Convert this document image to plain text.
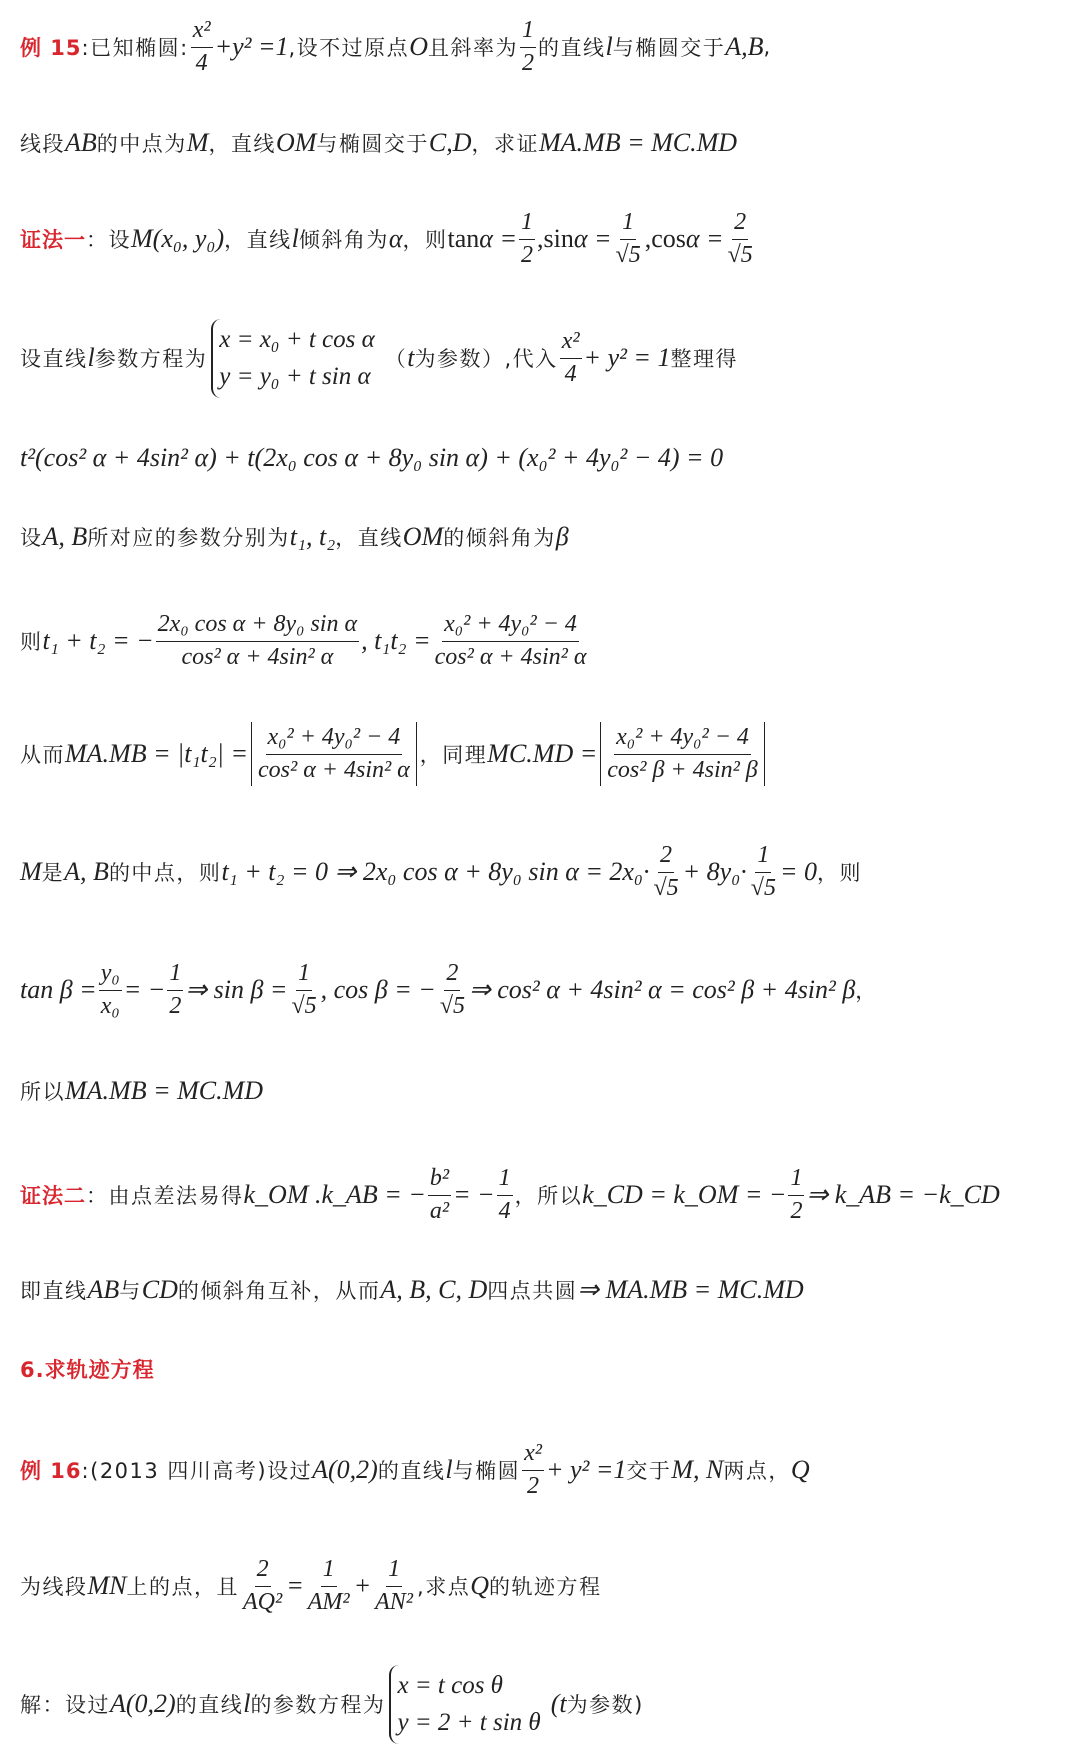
例 15 :已知椭圆: $\frac{\text{x²}}{4} +y^2 =1$ ,设不过原点 O 且斜率为 $\frac{1}{2}$ 的直线 l 与椭圆交于 A,B ,
线段 AB 的中点为 M ，直线 OM 与椭圆交于 C,D ，求证 MA.MB = MC.MD
证法一 ：设 M(x₀, y₀) ，直线 l 倾斜角为 α ，则 $\tan \alpha = \frac{1}{2} ,\sin$ $\alpha = \frac{1}{√5} ,\cos$ $\alpha = \frac{2}{√5}$
设直线 l 参数方程为
x = x₀ + t cos α
y = y₀ + t sin α
（ t 为参数）,代入 $\frac{\text{x²}}{4} + y^2 = 1$ 整理得
t²(cos² α + 4sin² α) + t(2x₀ cos α + 8y₀ sin α) + (x₀² + 4y₀² − 4) = 0
设 A, B 所对应的参数分别为 t₁, t₂ ，直线 OM 的倾斜角为 β
则 t₁ + t₂ = − $\frac{\text{2x₀ cos α + 8y₀ sin α}}{\text{cos² α + 4sin² α}}$ , $t_1t_2 = \frac{\text{x₀² + 4y₀² − 4}}{\text{cos² α + 4sin² α}}$
从而 $MA.MB = |t_1t_2| = \frac{\text{x₀² + 4y₀² − 4}}{\text{cos² α + 4sin² α}}$ ，同理 $MC.MD = \frac{\text{x₀² + 4y₀² − 4}}{\text{cos² β + 4sin² β}}$
M 是 A, B 的中点，则 t₁ + t₂ = 0 ⇒ 2x₀ cos α + 8y₀ $\sin \alpha = 2x_0\cdot \frac{2}{√5} + 8y_0\cdot \frac{1}{√5} = 0$ ，则
$\tan \beta = \frac{\text{y₀}}{\text{x₀}}$ = − $\frac{1}{2}$ ⇒ $\sin \beta = \frac{1}{√5}$ , cos β = − $\frac{2}{√5}$ ⇒ cos² α + 4sin² α = cos² β + 4sin² β ，
所以 MA.MB = MC.MD
证法二 ：由点差法易得 k_OM .k_AB = − $\frac{\text{b²}}{\text{a²}}$ = − $\frac{1}{4}$ ，所以 k_CD = k_OM = − $\frac{1}{2}$ ⇒ k_AB = −k_CD
即直线 AB 与 CD 的倾斜角互补，从而 A, B, C, D 四点共圆 ⇒ MA.MB = MC.MD
6.求轨迹方程
例 16 :(2013 四川高考)设过 A(0,2) 的直线 l 与椭圆 $\frac{\text{x²}}{2} + y^2 =1$ 交于 M, N 两点， Q
为线段 MN 上的点，且 $\frac{2}{\text{AQ²}} = \frac{1}{\text{AM²}} + \frac{1}{\text{AN²}}$ ,求点 Q 的轨迹方程
解：设过 A(0,2) 的直线 l 的参数方程为
x = t cos θ
y = 2 + t sin θ
(t 为参数)
